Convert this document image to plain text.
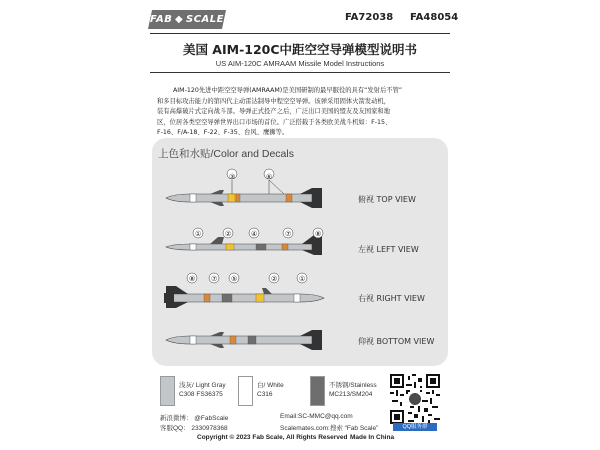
FAB ◆ SCALE	FA72038 FA48054
美国 AIM-120C中距空空导弹模型说明书
US AIM-120C AMRAAM Missile Model Instructions
AIM-120先进中距空空导弹(AMRAAM)是美国研制的最早服役的具有“发射后不管”
和多目标攻击能力的第四代主动雷达制导中程空空导弹。该弹采用固体火箭发动机，
装有高爆破片式定向战斗部。导弹正式投产之后，广泛出口美国的盟友及友国家和地
区，位居各类空空导弹世界出口市场的首位。广泛搭载于各类欧美战斗机如：F-15、
F-16、F/A-18、F-22、F-35、台风、鹰狮等。
上色和水贴/Color and Decals
③	⑥
①	②	④	⑦	⑧
⑧ ⑦ ⑤	②	①
俯视 TOP VIEW
左视 LEFT VIEW
右视 RIGHT VIEW
仰视 BOTTOM VIEW
浅灰/ Light Gray
C308 FS36375
白/ White
C316
不锈钢/Stainless
MC213/SM204
QQ服务群
新浪微博： @FabScale
客服QQ： 2330978368
Email:SC-MMC@qq.com
Scalemates.com:搜索 “Fab Scale”
Copyright © 2023 Fab Scale, All Rights Reserved Made In China
